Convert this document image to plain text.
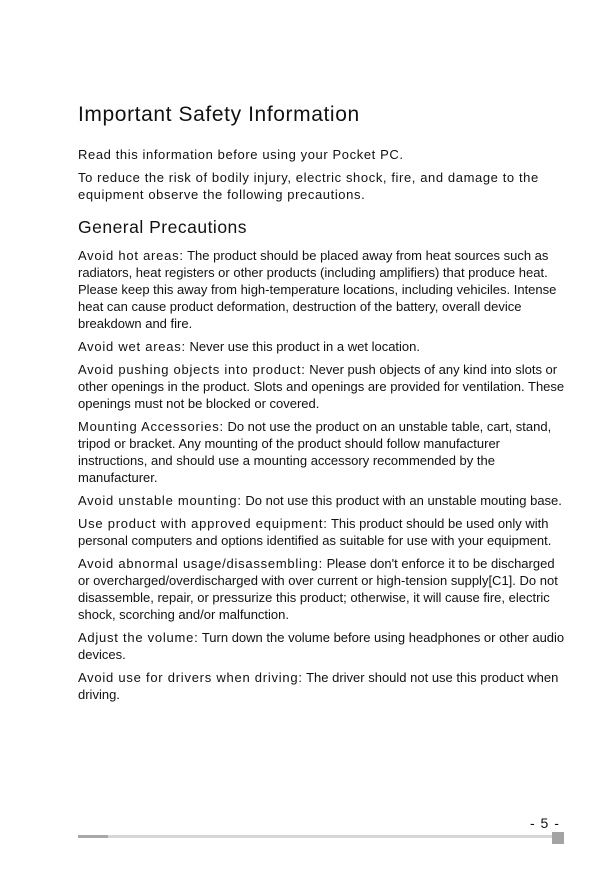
Important Safety Information

Read this information before using your Pocket PC.

To reduce the risk of bodily injury, electric shock, fire, and damage to the equipment observe the following precautions.

General Precautions

Avoid hot areas: The product should be placed away from heat sources such as radiators, heat registers or other products (including amplifiers) that produce heat. Please keep this away from high-temperature locations, including vehiciles. Intense heat can cause product deformation, destruction of the battery, overall device breakdown and fire.

Avoid wet areas: Never use this product in a wet location.

Avoid pushing objects into product: Never push objects of any kind into slots or other openings in the product. Slots and openings are provided for ventilation. These openings must not be blocked or covered.

Mounting Accessories: Do not use the product on an unstable table, cart, stand, tripod or bracket. Any mounting of the product should follow manufacturer instructions, and should use a mounting accessory recommended by the manufacturer.

Avoid unstable mounting: Do not use this product with an unstable mouting base.

Use product with approved equipment: This product should be used only with personal computers and options identified as suitable for use with your equipment.

Avoid abnormal usage/disassembling: Please don't enforce it to be discharged or overcharged/overdischarged with over current or high-tension supply[C1]. Do not disassemble, repair, or pressurize this product; otherwise, it will cause fire, electric shock, scorching and/or malfunction.

Adjust the volume: Turn down the volume before using headphones or other audio devices.

Avoid use for drivers when driving: The driver should not use this product when driving.

- 5 -
